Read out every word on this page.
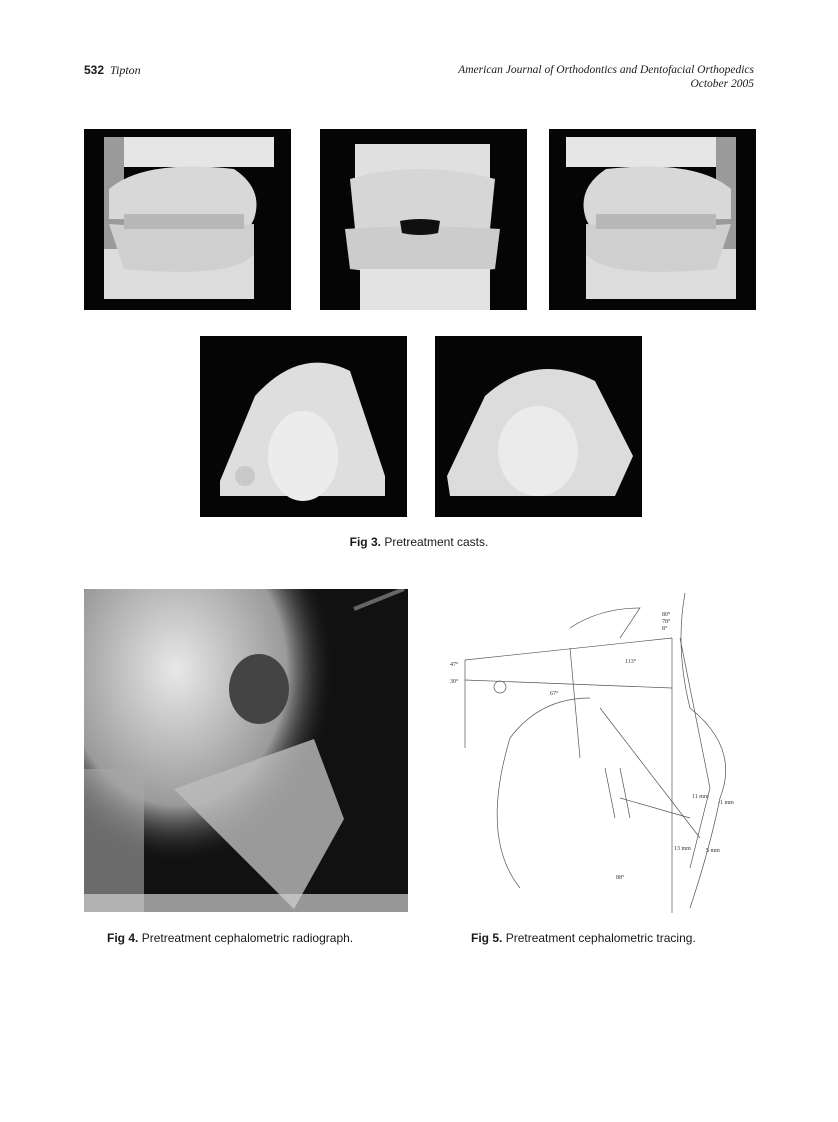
532 Tipton	American Journal of Orthodontics and Dentofacial Orthopedics
October 2005
Fig 3. Pretreatment casts.
80°
78°
8°
47°
30°
67°
113°
11 mm
-1 mm
13 mm	5 mm
88°
Fig 4. Pretreatment cephalometric radiograph.	Fig 5. Pretreatment cephalometric tracing.
